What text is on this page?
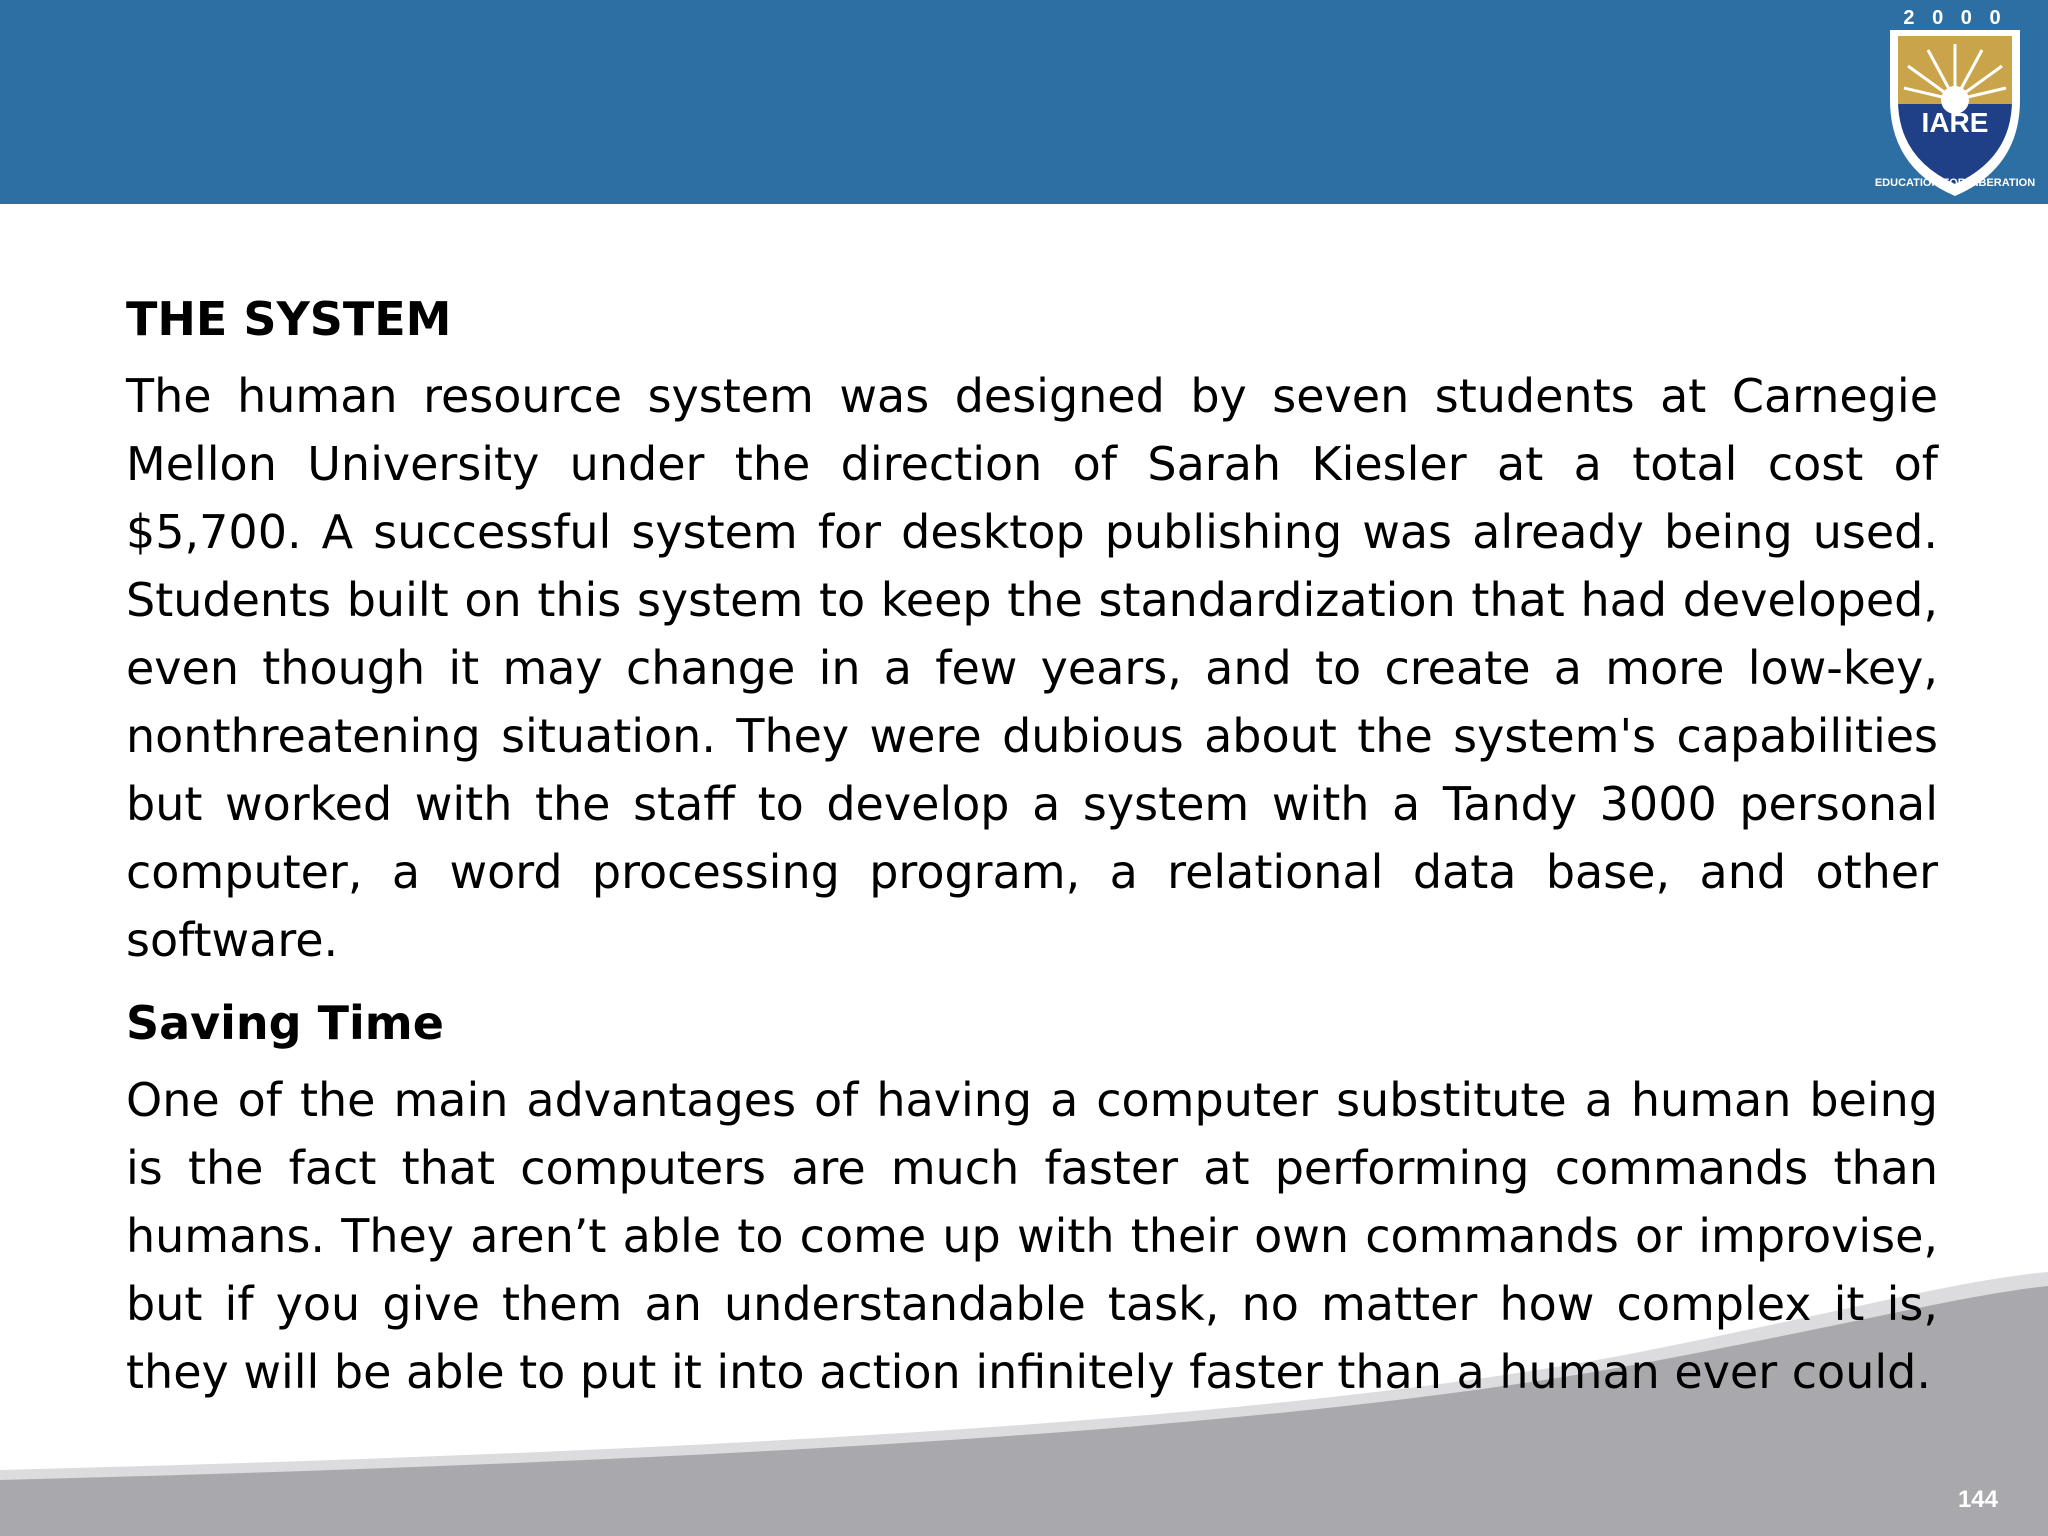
2 0 0 0
IARE
EDUCATION FOR LIBERATION
THE SYSTEM
The human resource system was designed by seven students at Carnegie Mellon University under the direction of Sarah Kiesler at a total cost of $5,700. A successful system for desktop publishing was already being used. Students built on this system to keep the standardization that had developed, even though it may change in a few years, and to create a more low-key, nonthreatening situation. They were dubious about the system's capabilities but worked with the staff to develop a system with a Tandy 3000 personal computer, a word processing program, a relational data base, and other software.
Saving Time
One of the main advantages of having a computer substitute a human being is the fact that computers are much faster at performing commands than humans. They aren’t able to come up with their own commands or improvise, but if you give them an understandable task, no matter how complex it is, they will be able to put it into action infinitely faster than a human ever could.
144
